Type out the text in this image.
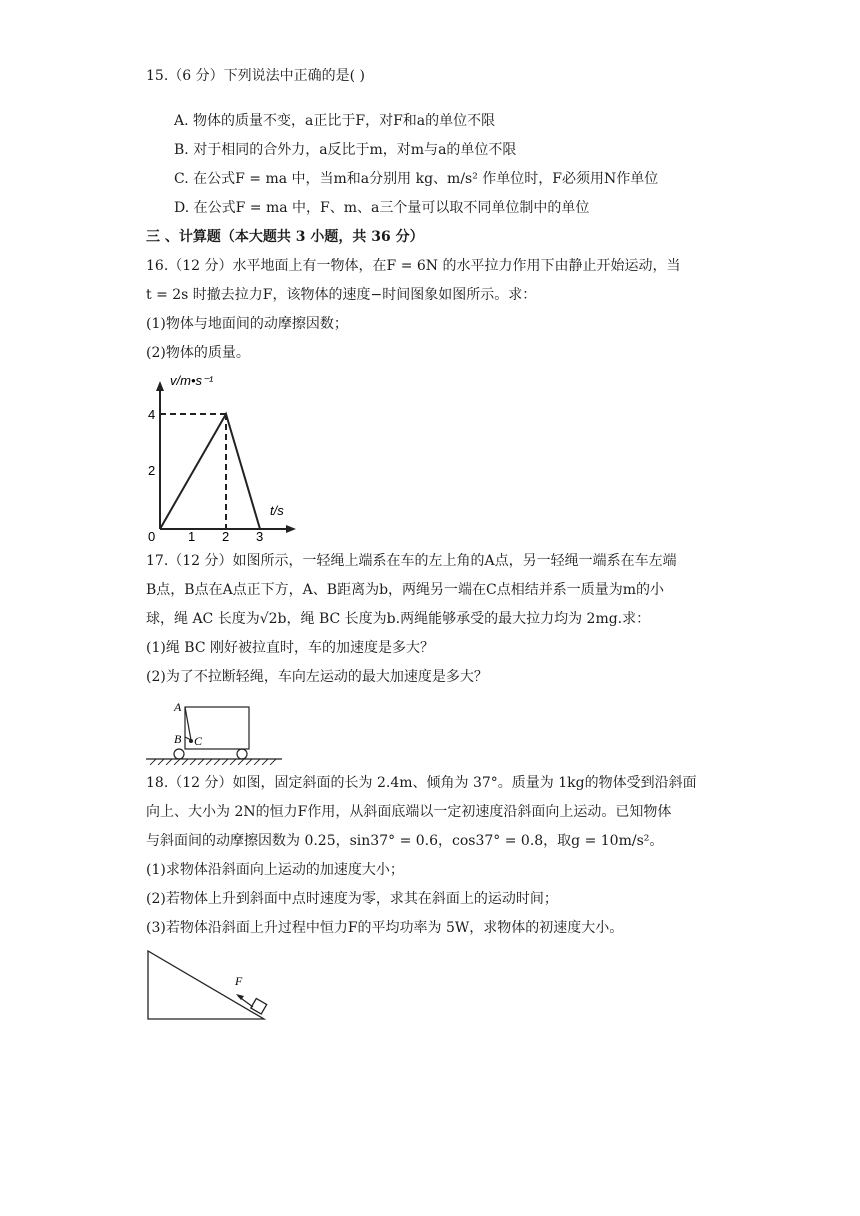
15.（6 分）下列说法中正确的是( )
A. 物体的质量不变，a正比于F，对F和a的单位不限
B. 对于相同的合外力，a反比于m，对m与a的单位不限
C. 在公式F = ma 中，当m和a分别用 kg、m/s² 作单位时，F必须用N作单位
D. 在公式F = ma 中，F、m、a三个量可以取不同单位制中的单位
三 、计算题（本大题共 3 小题，共 36 分）
16.（12 分）水平地面上有一物体，在F = 6N 的水平拉力作用下由静止开始运动，当
t = 2s 时撤去拉力F，该物体的速度−时间图象如图所示。求：
(1)物体与地面间的动摩擦因数；
(2)物体的质量。
4
2
0	1 2 3
v/m•s⁻¹
t/s
17.（12 分）如图所示，一轻绳上端系在车的左上角的A点，另一轻绳一端系在车左端
B点，B点在A点正下方，A、B距离为b，两绳另一端在C点相结并系一质量为m的小
球，绳 AC 长度为√2b，绳 BC 长度为b.两绳能够承受的最大拉力均为 2mg.求：
(1)绳 BC 刚好被拉直时，车的加速度是多大？
(2)为了不拉断轻绳，车向左运动的最大加速度是多大？
A
B C
18.（12 分）如图，固定斜面的长为 2.4m、倾角为 37°。质量为 1kg的物体受到沿斜面
向上、大小为 2N的恒力F作用，从斜面底端以一定初速度沿斜面向上运动。已知物体
与斜面间的动摩擦因数为 0.25，sin37° = 0.6，cos37° = 0.8，取g = 10m/s²。
(1)求物体沿斜面向上运动的加速度大小；
(2)若物体上升到斜面中点时速度为零，求其在斜面上的运动时间；
(3)若物体沿斜面上升过程中恒力F的平均功率为 5W，求物体的初速度大小。
F
